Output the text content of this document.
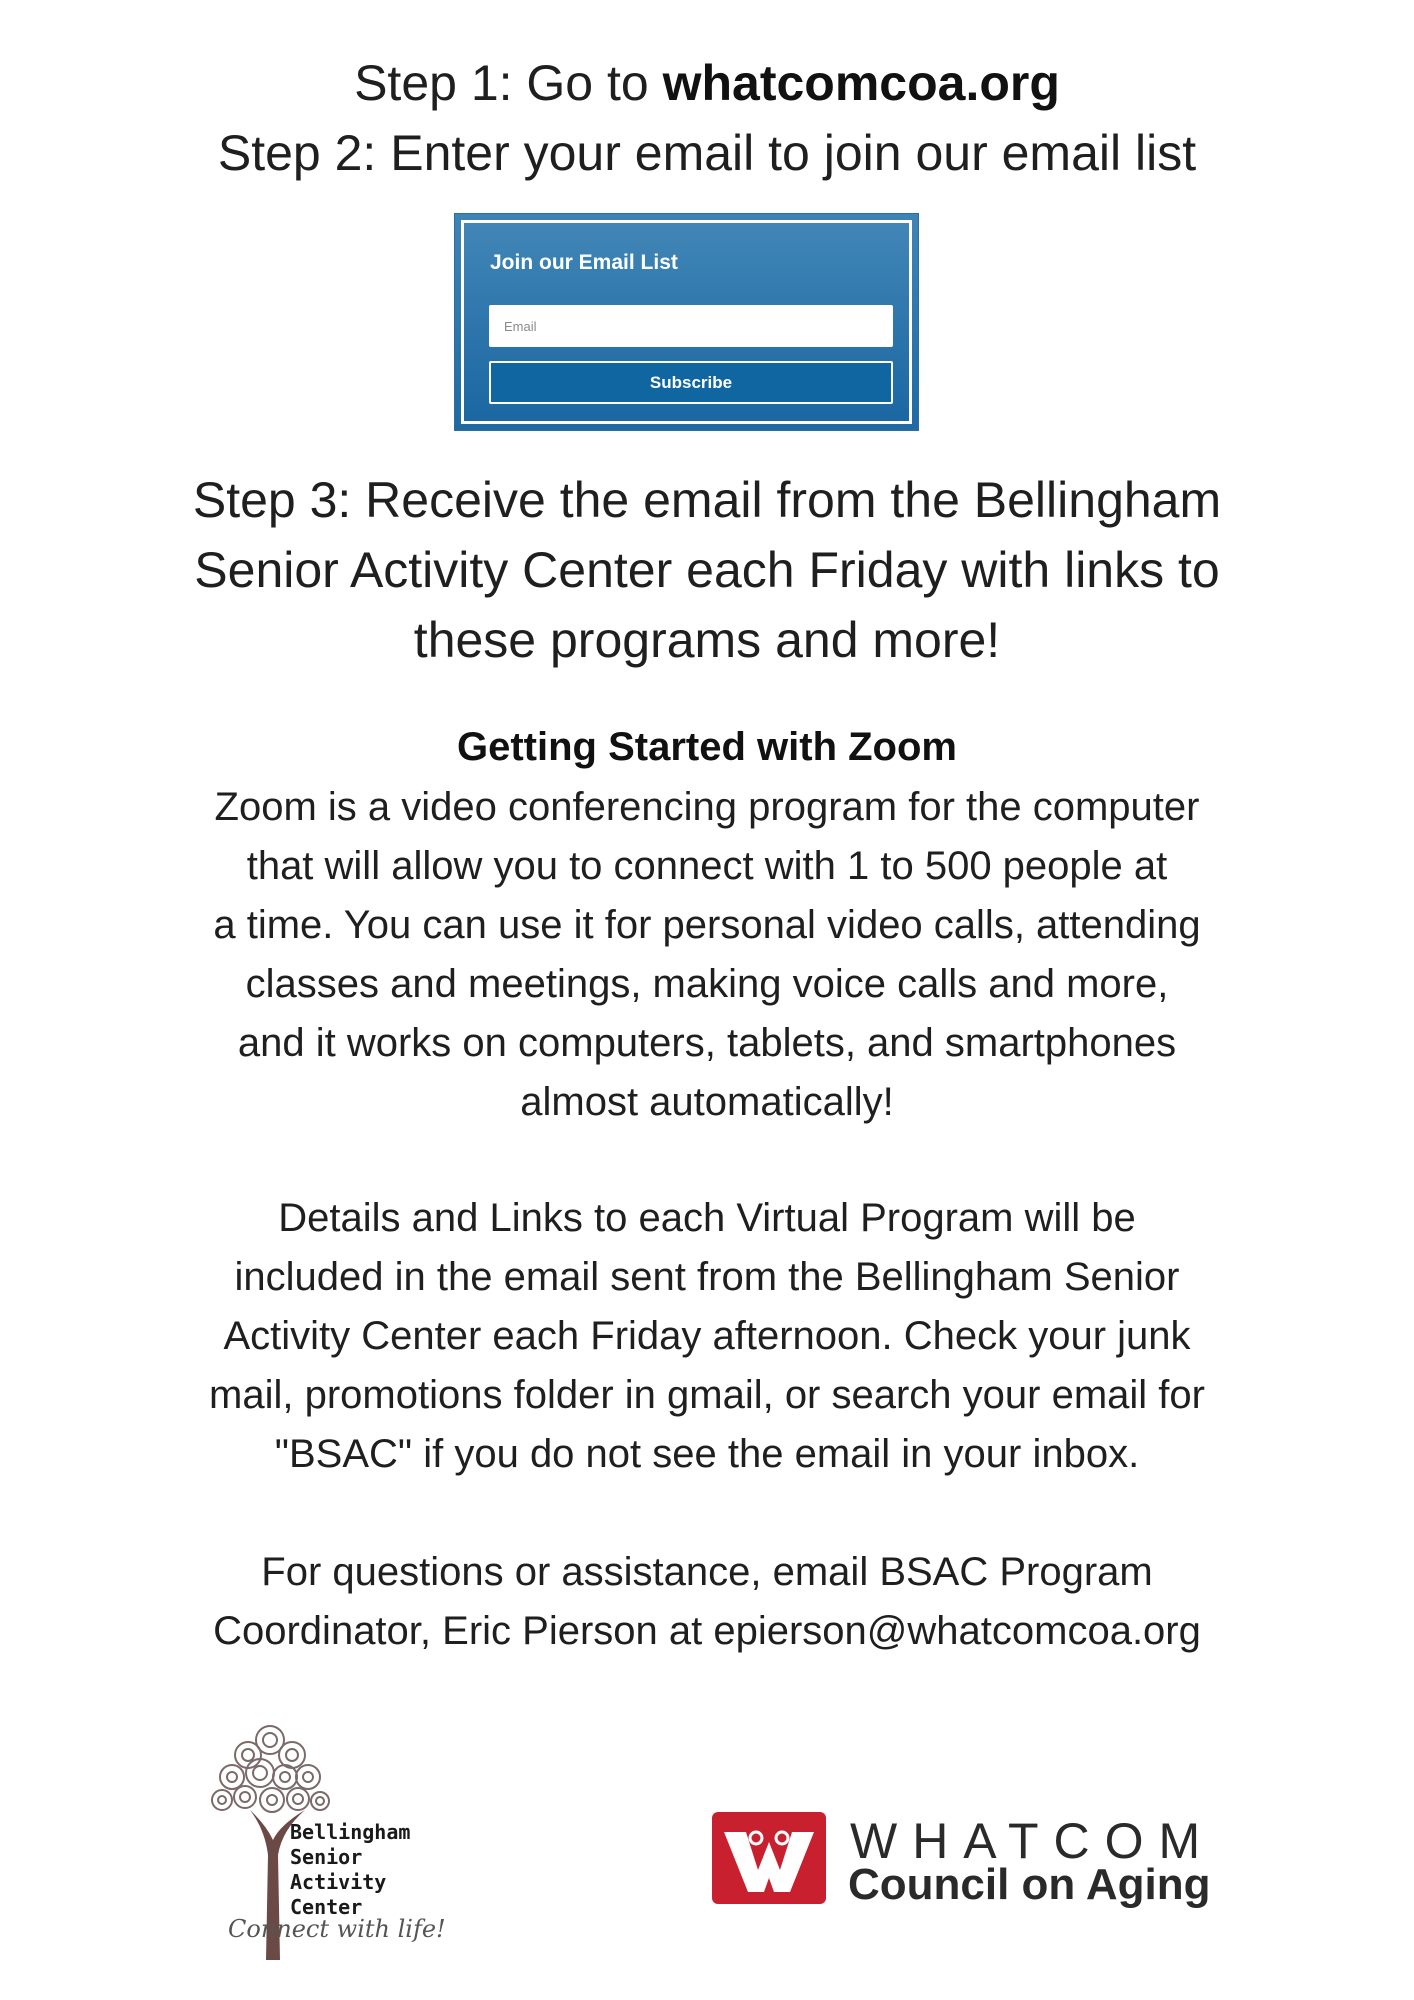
Step 1: Go to whatcomcoa.org
Step 2: Enter your email to join our email list
Join our Email List
Email
Subscribe
Step 3: Receive the email from the Bellingham
Senior Activity Center each Friday with links to
these programs and more!
Getting Started with Zoom
Zoom is a video conferencing program for the computer
that will allow you to connect with 1 to 500 people at
a time. You can use it for personal video calls, attending
classes and meetings, making voice calls and more,
and it works on computers, tablets, and smartphones
almost automatically!
Details and Links to each Virtual Program will be
included in the email sent from the Bellingham Senior
Activity Center each Friday afternoon. Check your junk
mail, promotions folder in gmail, or search your email for
"BSAC" if you do not see the email in your inbox.
For questions or assistance, email BSAC Program
Coordinator, Eric Pierson at epierson@whatcomcoa.org
Bellingham
Senior
Activity
Center
Connect with life!
WHATCOM
Council on Aging
